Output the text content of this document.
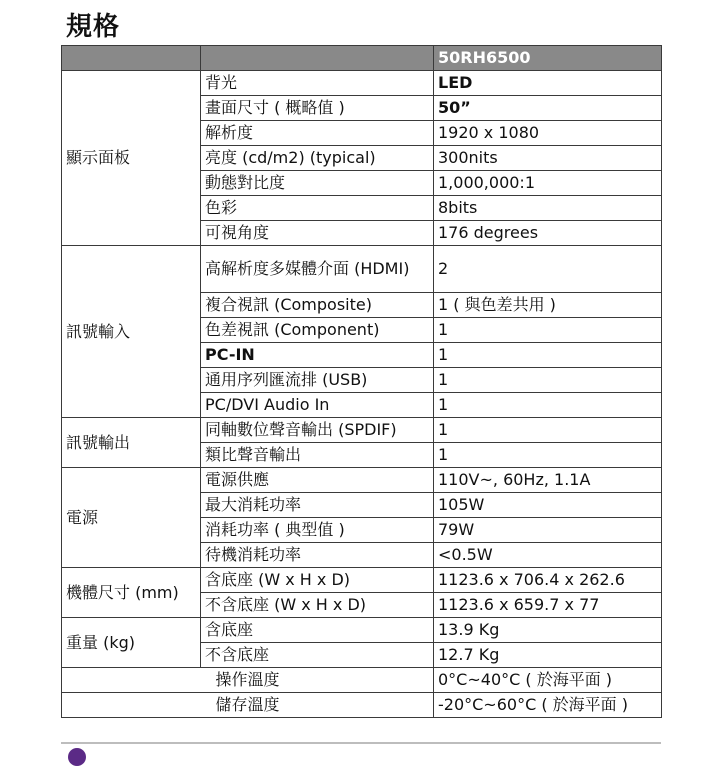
規格
		50RH6500
顯示面板	背光	LED
	畫面尺寸 ( 概略值 )	50”
	解析度	1920 x 1080
	亮度 (cd/m2) (typical)	300nits
	動態對比度	1,000,000:1
	色彩	8bits
	可視角度	176 degrees
訊號輸入	高解析度多媒體介面 (HDMI)	2
	複合視訊 (Composite)	1 ( 與色差共用 )
	色差視訊 (Component)	1
	PC-IN	1
	通用序列匯流排 (USB)	1
	PC/DVI Audio In	1
訊號輸出	同軸數位聲音輸出 (SPDIF)	1
	類比聲音輸出	1
電源	電源供應	110V~, 60Hz, 1.1A
	最大消耗功率	105W
	消耗功率 ( 典型值 )	79W
	待機消耗功率	<0.5W
機體尺寸 (mm)	含底座 (W x H x D)	1123.6 x 706.4 x 262.6
	不含底座 (W x H x D)	1123.6 x 659.7 x 77
重量 (kg)	含底座	13.9 Kg
	不含底座	12.7 Kg
操作溫度		0°C~40°C ( 於海平面 )
儲存溫度		-20°C~60°C ( 於海平面 )
